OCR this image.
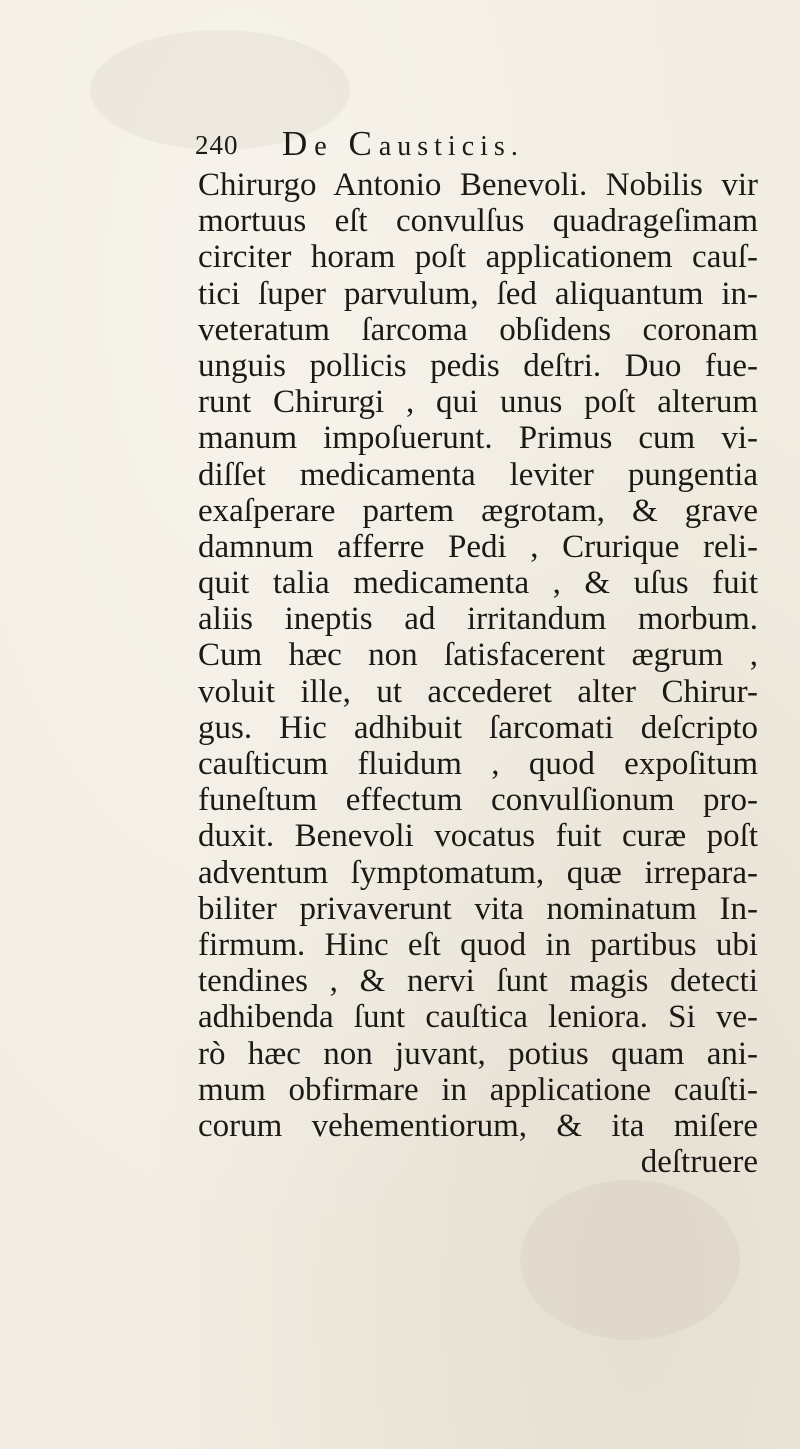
240 De Causticis.
Chirurgo Antonio Benevoli. Nobilis vir
mortuus eſt convulſus quadrageſimam
circiter horam poſt applicationem cauſ-
tici ſuper parvulum, ſed aliquantum in-
veteratum ſarcoma obſidens coronam
unguis pollicis pedis deſtri. Duo fue-
runt Chirurgi , qui unus poſt alterum
manum impoſuerunt. Primus cum vi-
diſſet medicamenta leviter pungentia
exaſperare partem ægrotam, & grave
damnum afferre Pedi , Crurique reli-
quit talia medicamenta , & uſus fuit
aliis ineptis ad irritandum morbum.
Cum hæc non ſatisfacerent ægrum ,
voluit ille, ut accederet alter Chirur-
gus. Hic adhibuit ſarcomati deſcripto
cauſticum fluidum , quod expoſitum
funeſtum effectum convulſionum pro-
duxit. Benevoli vocatus fuit curæ poſt
adventum ſymptomatum, quæ irrepara-
biliter privaverunt vita nominatum In-
firmum. Hinc eſt quod in partibus ubi
tendines , & nervi ſunt magis detecti
adhibenda ſunt cauſtica leniora. Si ve-
rò hæc non juvant, potius quam ani-
mum obfirmare in applicatione cauſti-
corum vehementiorum, & ita miſere
deſtruere
